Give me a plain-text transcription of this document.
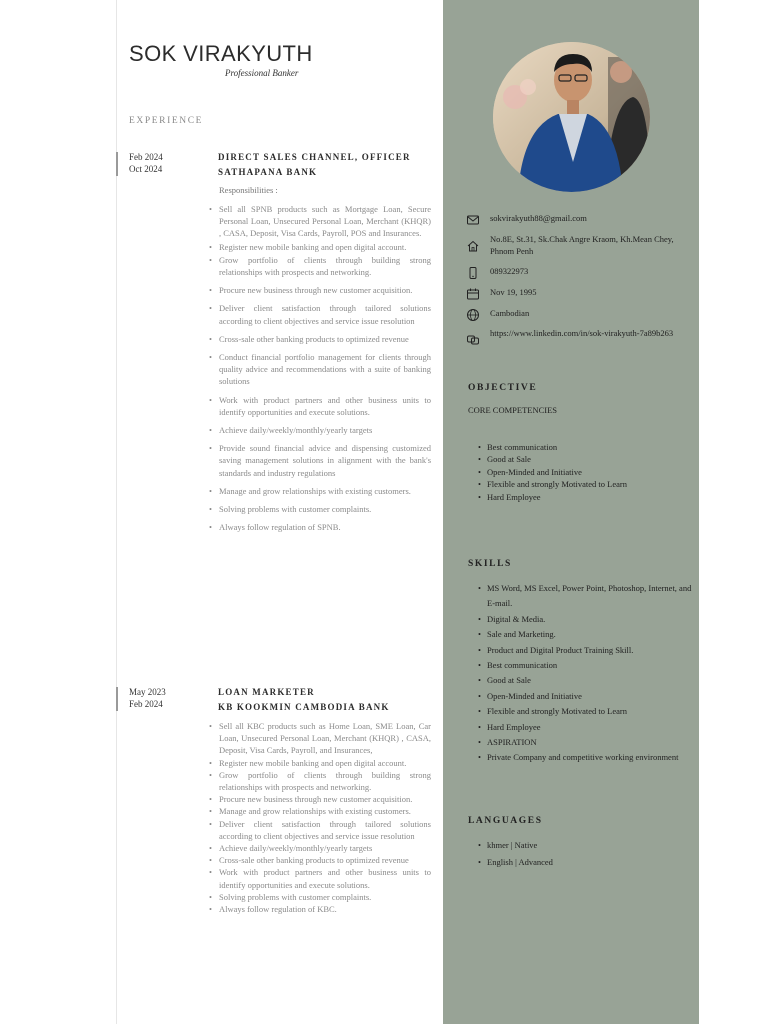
SOK VIRAKYUTH
Professional Banker
EXPERIENCE
Feb 2024
Oct 2024
DIRECT SALES CHANNEL, OFFICER
SATHAPANA BANK
Responsibilities :
• Sell all SPNB products such as Mortgage Loan, Secure Personal Loan, Unsecured Personal Loan, Merchant (KHQR) , CASA, Deposit, Visa Cards, Payroll, POS and Insurances.
• Register new mobile banking and open digital account.
• Grow portfolio of clients through building strong relationships with prospects and networking.
• Procure new business through new customer acquisition.
• Deliver client satisfaction through tailored solutions according to client objectives and service issue resolution
• Cross-sale other banking products to optimized revenue
• Conduct financial portfolio management for clients through quality advice and recommendations with a suite of banking solutions
• Work with product partners and other business units to identify opportunities and execute solutions.
• Achieve daily/weekly/monthly/yearly targets
• Provide sound financial advice and dispensing customized saving management solutions in alignment with the bank's standards and industry regulations
• Manage and grow relationships with existing customers.
• Solving problems with customer complaints.
• Always follow regulation of SPNB.
May 2023
Feb 2024
LOAN MARKETER
KB KOOKMIN CAMBODIA BANK
• Sell all KBC products such as Home Loan, SME Loan, Car Loan, Unsecured Personal Loan, Merchant (KHQR) , CASA, Deposit, Visa Cards, Payroll, and Insurances,
• Register new mobile banking and open digital account.
• Grow portfolio of clients through building strong relationships with prospects and networking.
• Procure new business through new customer acquisition.
• Manage and grow relationships with existing customers.
• Deliver client satisfaction through tailored solutions according to client objectives and service issue resolution
• Achieve daily/weekly/monthly/yearly targets
• Cross-sale other banking products to optimized revenue
• Work with product partners and other business units to identify opportunities and execute solutions.
• Solving problems with customer complaints.
• Always follow regulation of KBC.
sokvirakyuth88@gmail.com
No.8E, St.31, Sk.Chak Angre Kraom, Kh.Mean Chey, Phnom Penh
089322973
Nov 19, 1995
Cambodian
https://www.linkedin.com/in/sok-virakyuth-7a89b263
OBJECTIVE
CORE COMPETENCIES
• Best communication
• Good at Sale
• Open-Minded and Initiative
• Flexible and strongly Motivated to Learn
• Hard Employee
SKILLS
• MS Word, MS Excel, Power Point, Photoshop, Internet, and E-mail.
• Digital & Media.
• Sale and Marketing.
• Product and Digital Product Training Skill.
• Best communication
• Good at Sale
• Open-Minded and Initiative
• Flexible and strongly Motivated to Learn
• Hard Employee
• ASPIRATION
• Private Company and competitive working environment
LANGUAGES
• khmer | Native
• English | Advanced
